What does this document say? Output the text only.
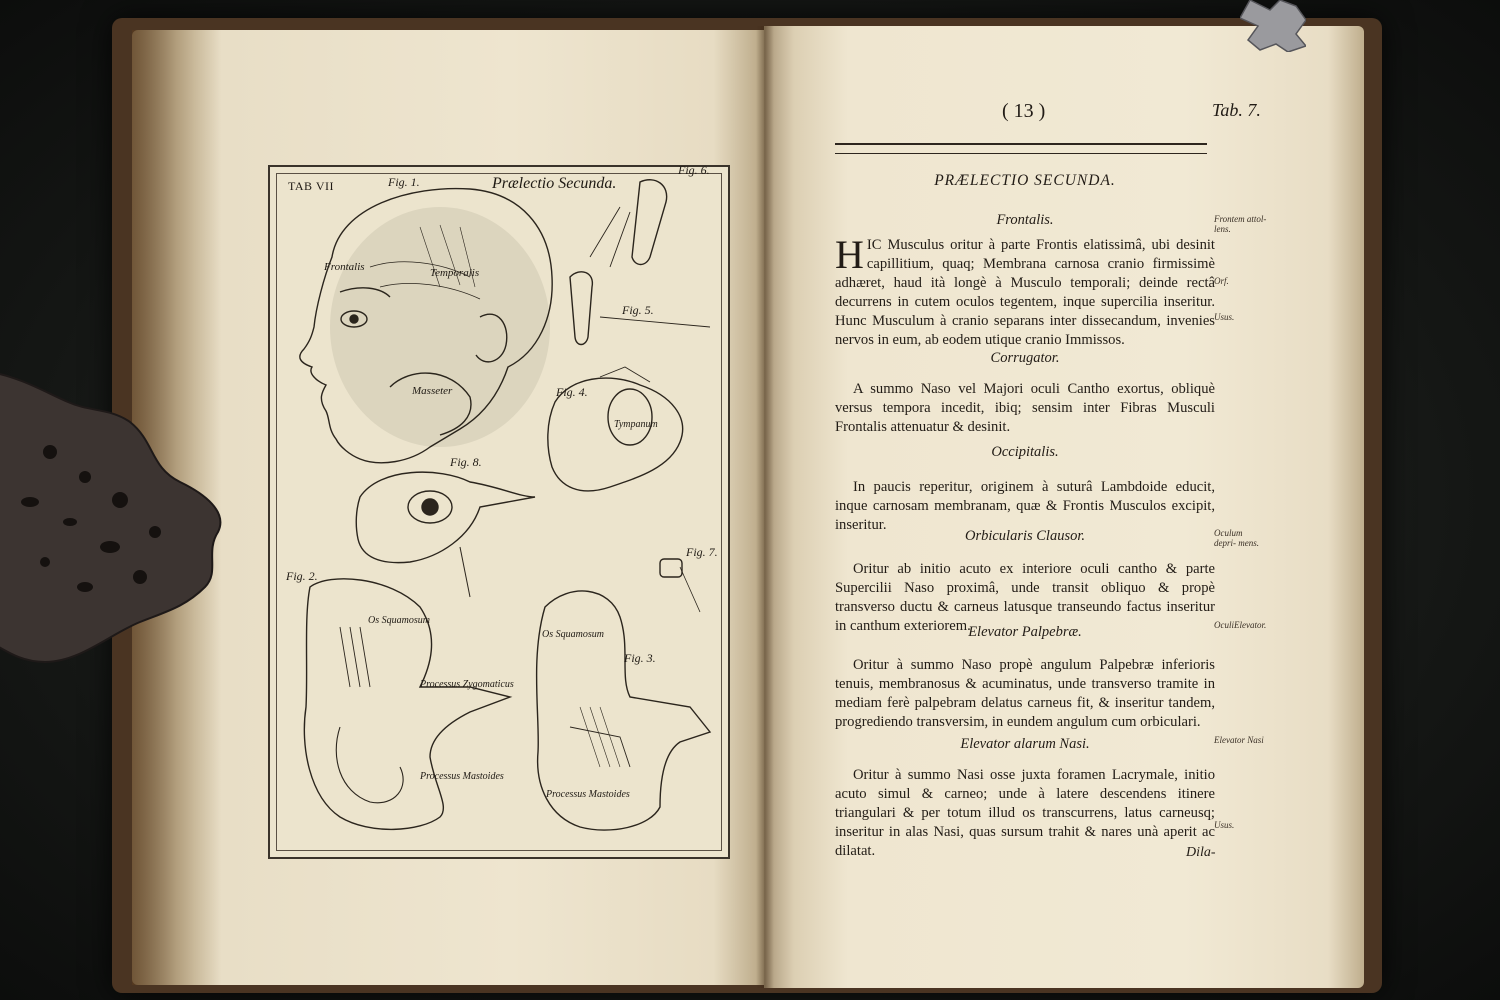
TAB VII	Prælectio Secunda.
Fig. 1.
Fig. 6.
Fig. 5.
Fig. 4.
Fig. 8.
Fig. 7.
Fig. 2.
Fig. 3.
Frontalis	Temporalis
Masseter
Tympanum
Os Squamosum
Os Squamosum
Processus Zygomaticus
Processus Mastoides
Processus Mastoides
( 13 )	Tab. 7.
PRÆLECTIO SECUNDA.
Frontalis.
HIC Musculus oritur à parte Frontis elatissimâ, ubi desinit capillitium, quaq; Membrana carnosa cranio firmissimè adhæret, haud ità longè à Musculo temporali; deinde rectâ decurrens in cutem oculos tegentem, inque supercilia inseritur. Hunc Musculum à cranio separans inter dissecandum, invenies nervos in eum, ab eodem utique cranio Immissos.
Corrugator.
A summo Naso vel Majori oculi Cantho exortus, obliquè versus tempora incedit, ibiq; sensim inter Fibras Musculi Frontalis attenuatur & desinit.
Occipitalis.
In paucis reperitur, originem à suturâ Lambdoide educit, inque carnosam membranam, quæ & Frontis Musculos excipit, inseritur.
Orbicularis Clausor.
Oritur ab initio acuto ex interiore oculi cantho & parte Supercilii Naso proximâ, unde transit obliquo & propè transverso ductu & carneus latusque transeundo factus inseritur in canthum exteriorem.
Elevator Palpebræ.
Oritur à summo Naso propè angulum Palpebræ inferioris tenuis, membranosus & acuminatus, unde transverso tramite in mediam ferè palpebram delatus carneus fit, & inseritur tandem, progrediendo transversim, in eundem angulum cum orbiculari.
Elevator alarum Nasi.
Oritur à summo Nasi osse juxta foramen Lacrymale, initio acuto simul & carneo; unde à latere descendens itinere triangulari & per totum illud os transcurrens, latus carneusq; inseritur in alas Nasi, quas sursum trahit & nares unà aperit ac dilatat.	Dila-
Frontem attol- lens.
Orf.
Usus.
Oculum depri- mens.
OculiElevator.
Elevator Nasi
Usus.
